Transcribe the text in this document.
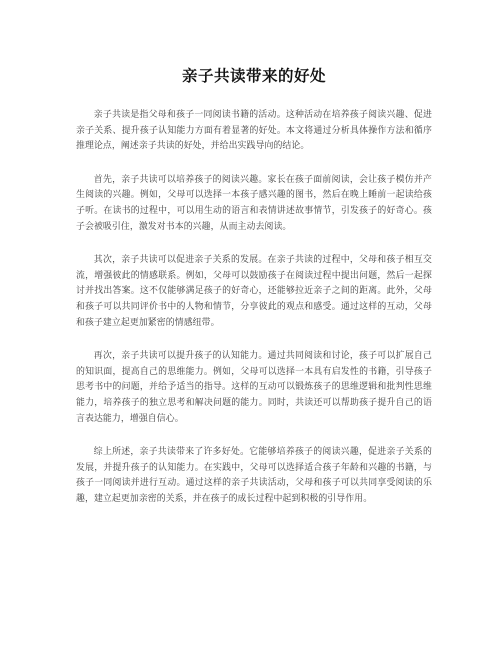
亲子共读带来的好处

亲子共读是指父母和孩子一同阅读书籍的活动。这种活动在培养孩子阅读兴趣、促进亲子关系、提升孩子认知能力方面有着显著的好处。本文将通过分析具体操作方法和循序推理论点，阐述亲子共读的好处，并给出实践导向的结论。

首先，亲子共读可以培养孩子的阅读兴趣。家长在孩子面前阅读，会让孩子模仿并产生阅读的兴趣。例如，父母可以选择一本孩子感兴趣的图书，然后在晚上睡前一起读给孩子听。在读书的过程中，可以用生动的语言和表情讲述故事情节，引发孩子的好奇心。孩子会被吸引住，激发对书本的兴趣，从而主动去阅读。

其次，亲子共读可以促进亲子关系的发展。在亲子共读的过程中，父母和孩子相互交流，增强彼此的情感联系。例如，父母可以鼓励孩子在阅读过程中提出问题，然后一起探讨并找出答案。这不仅能够满足孩子的好奇心，还能够拉近亲子之间的距离。此外，父母和孩子可以共同评价书中的人物和情节，分享彼此的观点和感受。通过这样的互动，父母和孩子建立起更加紧密的情感纽带。

再次，亲子共读可以提升孩子的认知能力。通过共同阅读和讨论，孩子可以扩展自己的知识面，提高自己的思维能力。例如，父母可以选择一本具有启发性的书籍，引导孩子思考书中的问题，并给予适当的指导。这样的互动可以锻炼孩子的思维逻辑和批判性思维能力，培养孩子的独立思考和解决问题的能力。同时，共读还可以帮助孩子提升自己的语言表达能力，增强自信心。

综上所述，亲子共读带来了许多好处。它能够培养孩子的阅读兴趣，促进亲子关系的发展，并提升孩子的认知能力。在实践中，父母可以选择适合孩子年龄和兴趣的书籍，与孩子一同阅读并进行互动。通过这样的亲子共读活动，父母和孩子可以共同享受阅读的乐趣，建立起更加亲密的关系，并在孩子的成长过程中起到积极的引导作用。
